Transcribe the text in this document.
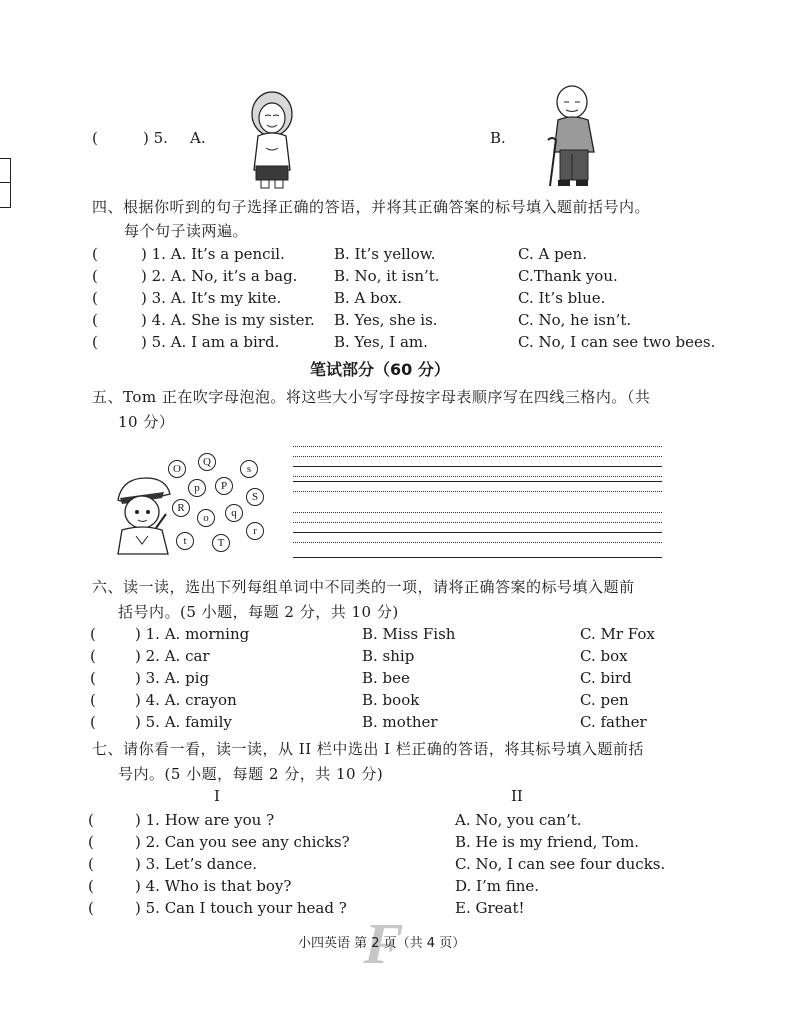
(	) 5. A.	B.
四、根据你听到的句子选择正确的答语，并将其正确答案的标号填入题前括号内。
每个句子读两遍。
(	) 1. A. It’s a pencil.	B. It’s yellow.	C. A pen.
(	) 2. A. No, it’s a bag. B. No, it isn’t.	C.Thank you.
(	) 3. A. It’s my kite.	B. A box.	C. It’s blue.
(	) 4. A. She is my sister. B. Yes, she is.	C. No, he isn’t.
(	) 5. A. I am a bird.	B. Yes, I am.	C. No, I can see two bees.
笔试部分（60 分）
五、Tom 正在吹字母泡泡。将这些大小写字母按字母表顺序写在四线三格内。（共
10 分）
O
Q
s
p	P
S
R
o	q
r
t	T
六、读一读，选出下列每组单词中不同类的一项，请将正确答案的标号填入题前
括号内。(5 小题，每题 2 分，共 10 分)
(	) 1. A. morning	B. Miss Fish	C. Mr Fox
(	) 2. A. car	B. ship	C. box
(	) 3. A. pig	B. bee	C. bird
(	) 4. A. crayon	B. book	C. pen
(	) 5. A. family	B. mother	C. father
七、请你看一看，读一读，从 II 栏中选出 I 栏正确的答语，将其标号填入题前括
号内。(5 小题，每题 2 分，共 10 分)
I	II
(	) 1. How are you ?	A. No, you can’t.
(	) 2. Can you see any chicks?	B. He is my friend, Tom.
(	) 3. Let’s dance.	C. No, I can see four ducks.
(	) 4. Who is that boy?	D. I’m fine.
(	) 5. Can I touch your head ?	E. Great!
F
小四英语 第 2 页（共 4 页）
